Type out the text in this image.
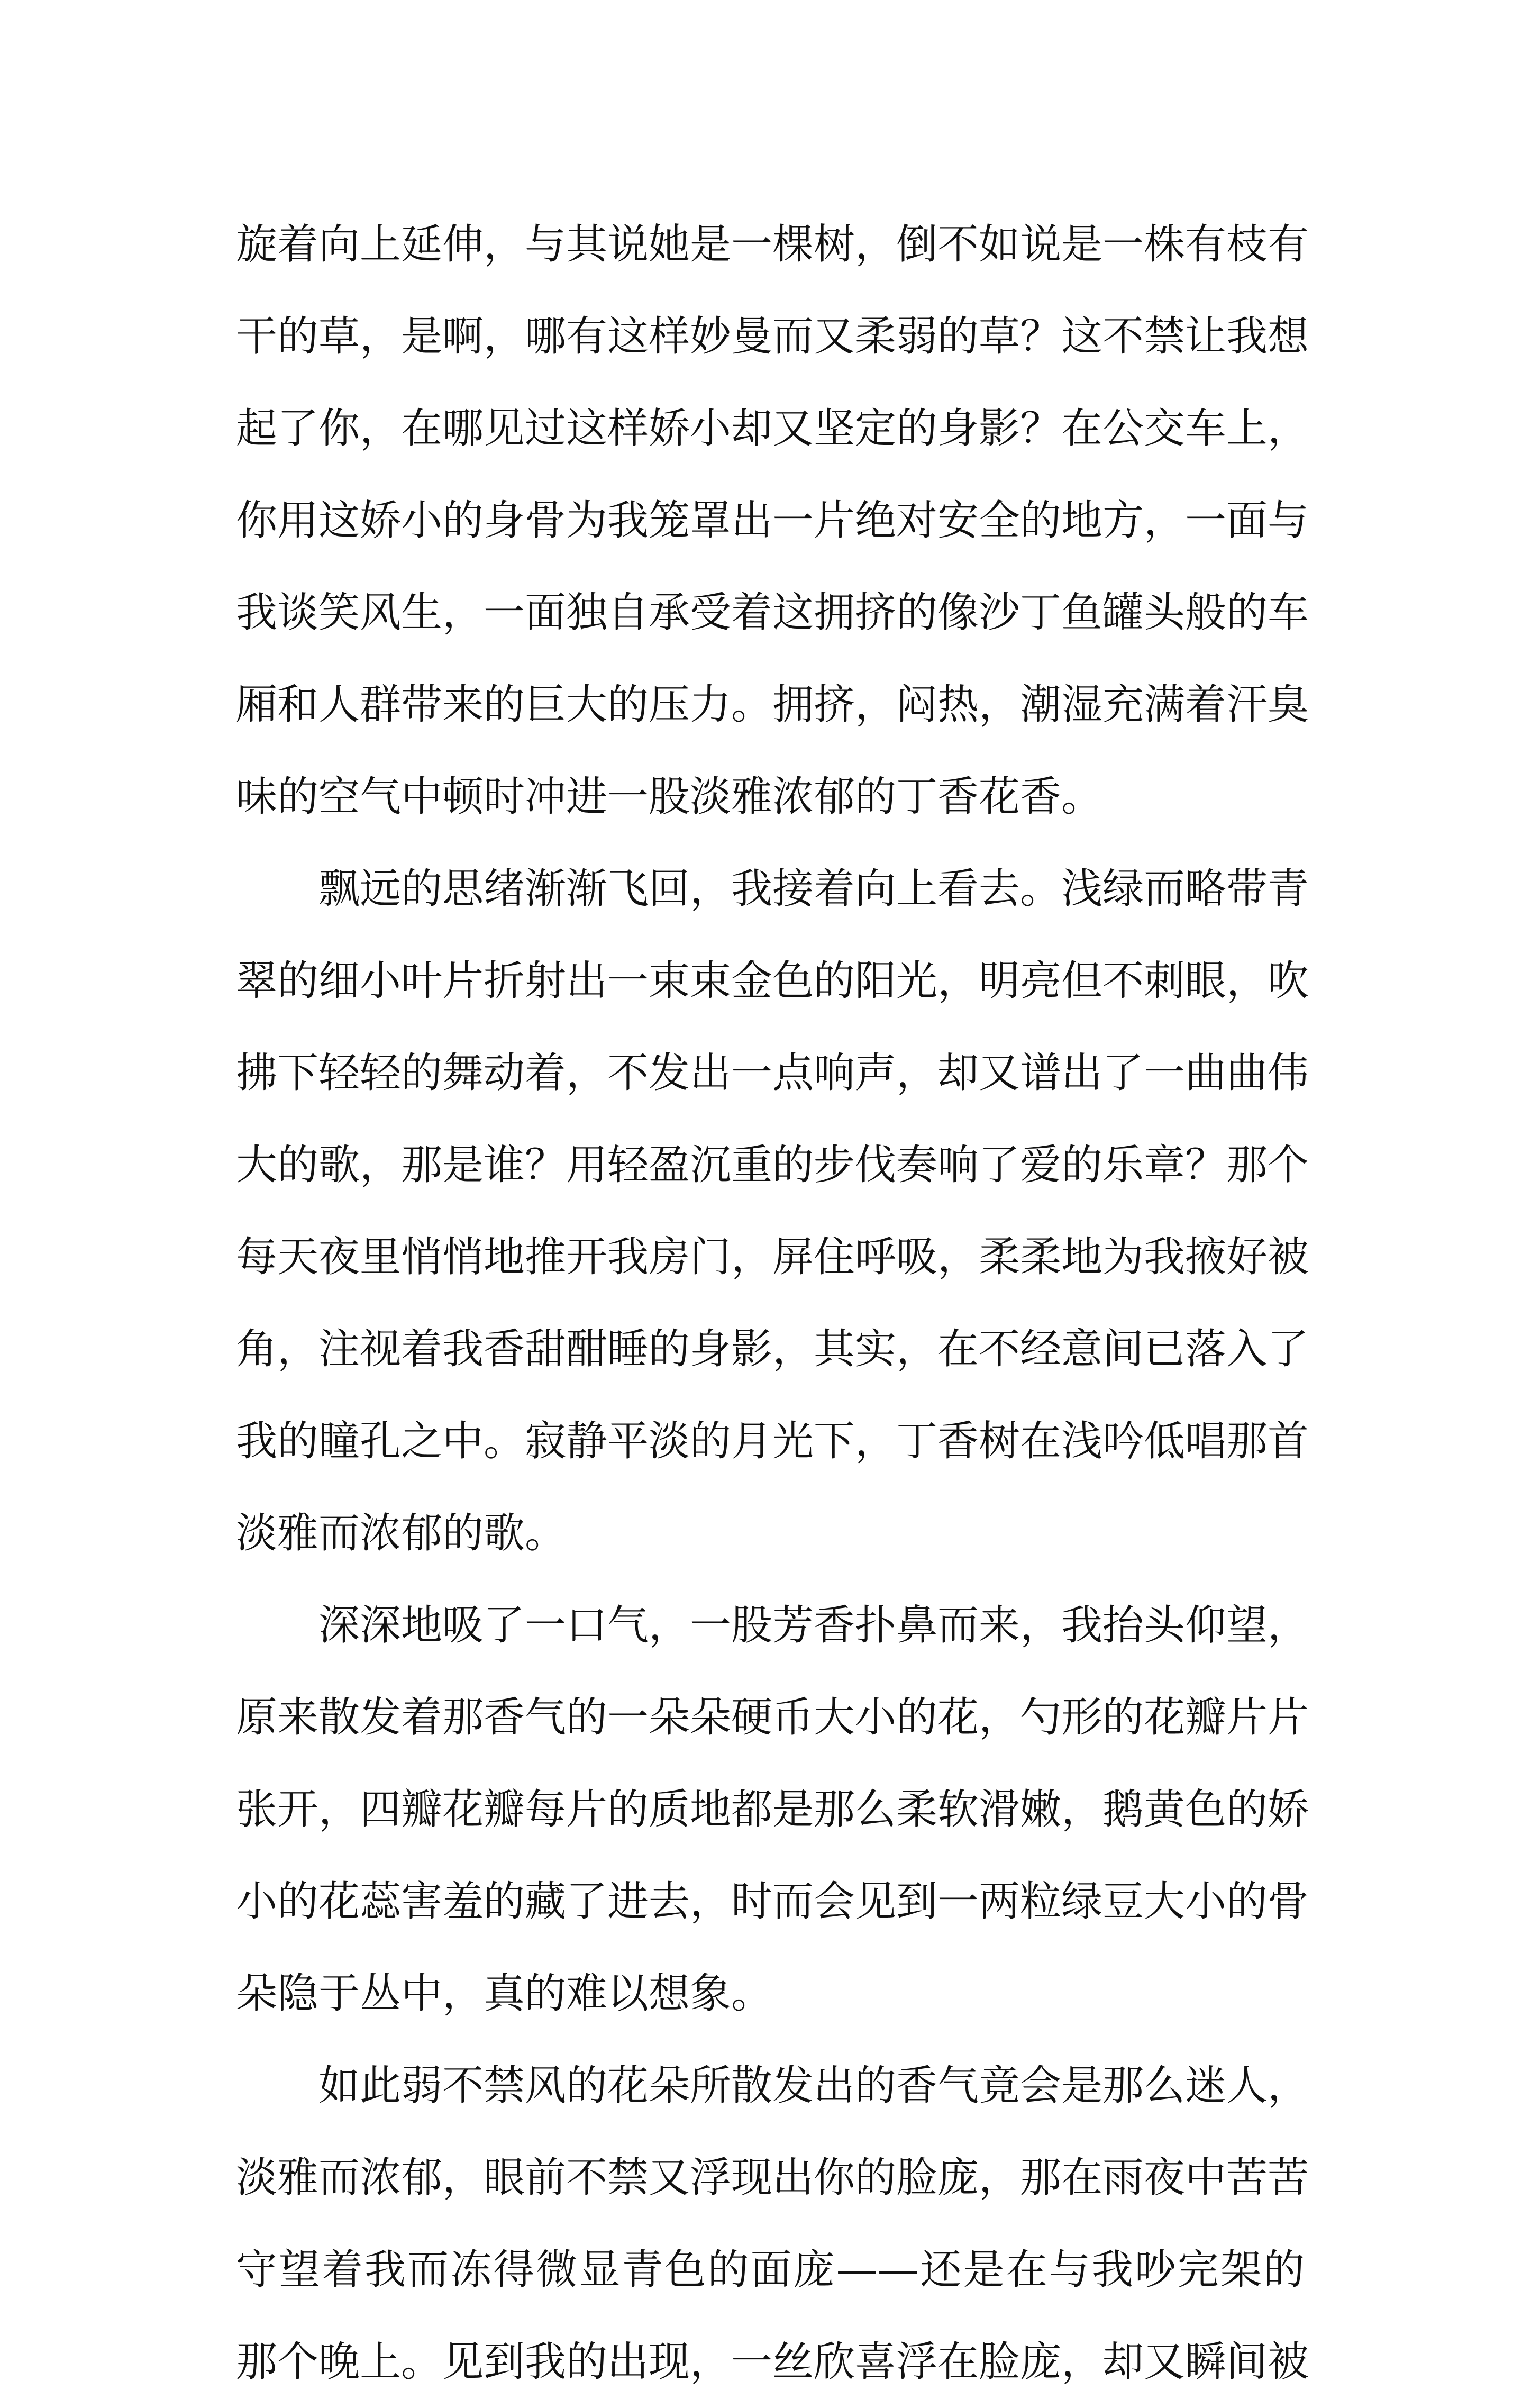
旋着向上延伸，与其说她是一棵树，倒不如说是一株有枝有
干的草，是啊，哪有这样妙曼而又柔弱的草？这不禁让我想
起了你，在哪见过这样娇小却又坚定的身影？在公交车上，
你用这娇小的身骨为我笼罩出一片绝对安全的地方，一面与
我谈笑风生，一面独自承受着这拥挤的像沙丁鱼罐头般的车
厢和人群带来的巨大的压力。拥挤，闷热，潮湿充满着汗臭
味的空气中顿时冲进一股淡雅浓郁的丁香花香。
飘远的思绪渐渐飞回，我接着向上看去。浅绿而略带青
翠的细小叶片折射出一束束金色的阳光，明亮但不刺眼，吹
拂下轻轻的舞动着，不发出一点响声，却又谱出了一曲曲伟
大的歌，那是谁？用轻盈沉重的步伐奏响了爱的乐章？那个
每天夜里悄悄地推开我房门，屏住呼吸，柔柔地为我掖好被
角，注视着我香甜酣睡的身影，其实，在不经意间已落入了
我的瞳孔之中。寂静平淡的月光下，丁香树在浅吟低唱那首
淡雅而浓郁的歌。
深深地吸了一口气，一股芳香扑鼻而来，我抬头仰望，
原来散发着那香气的一朵朵硬币大小的花，勺形的花瓣片片
张开，四瓣花瓣每片的质地都是那么柔软滑嫩，鹅黄色的娇
小的花蕊害羞的藏了进去，时而会见到一两粒绿豆大小的骨
朵隐于丛中，真的难以想象。
如此弱不禁风的花朵所散发出的香气竟会是那么迷人，
淡雅而浓郁，眼前不禁又浮现出你的脸庞，那在雨夜中苦苦
守望着我而冻得微显青色的面庞——还是在与我吵完架的
那个晚上。见到我的出现，一丝欣喜浮在脸庞，却又瞬间被
